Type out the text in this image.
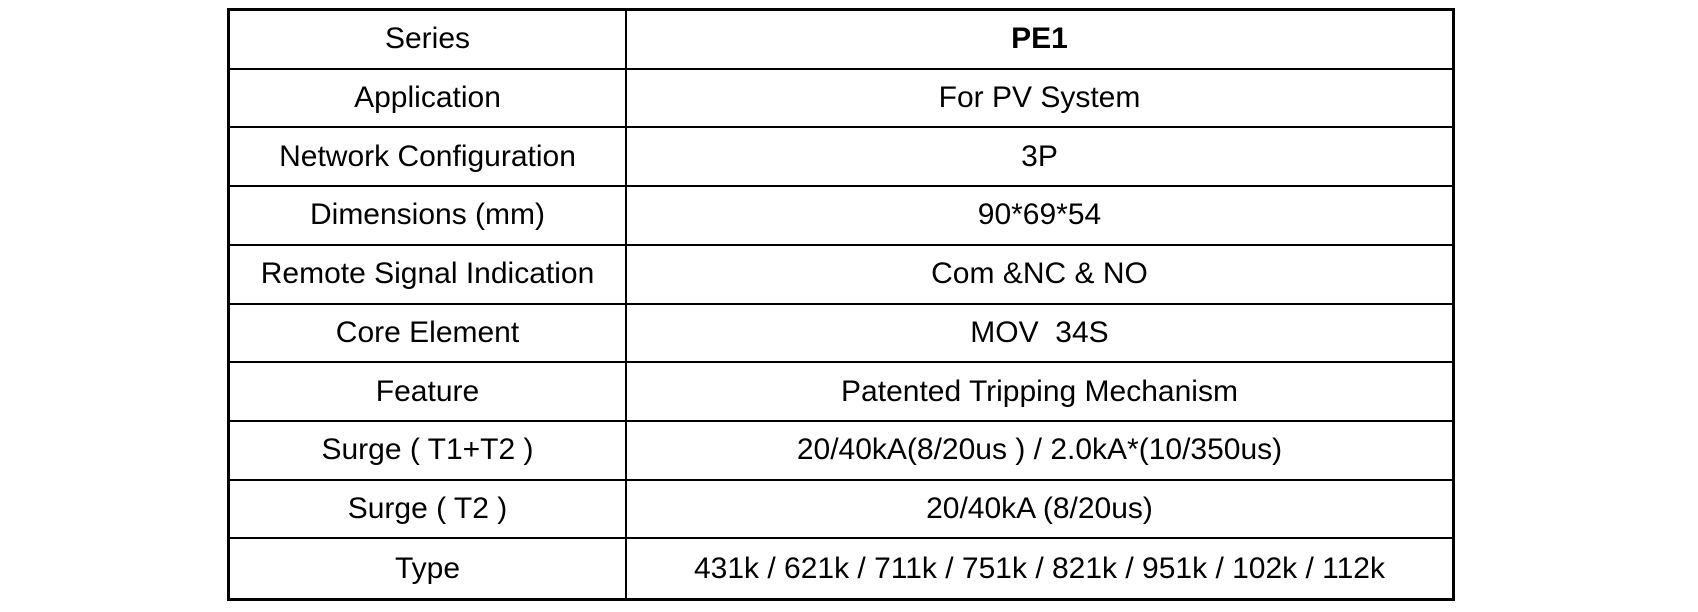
Series	PE1
Application	For PV System
Network Configuration	3P
Dimensions (mm)	90*69*54
Remote Signal Indication	Com &NC & NO
Core Element	MOV  34S
Feature	Patented Tripping Mechanism
Surge ( T1+T2 )	20/40kA(8/20us ) / 2.0kA*(10/350us)
Surge ( T2 )	20/40kA (8/20us)
Type	431k / 621k / 711k / 751k / 821k / 951k / 102k / 112k
